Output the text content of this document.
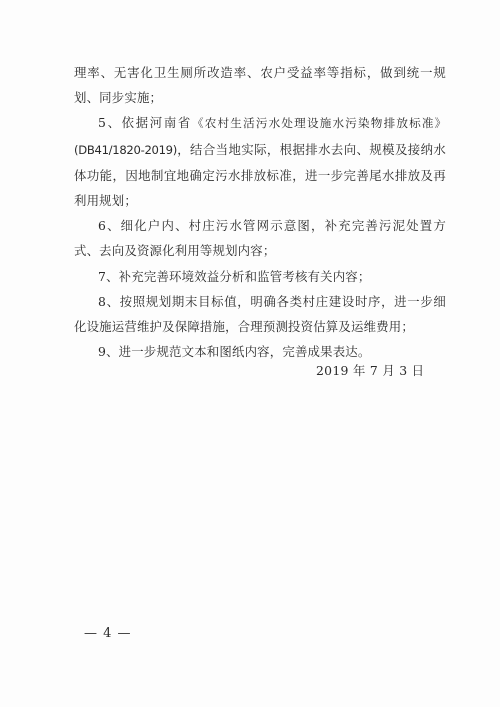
理率、无害化卫生厕所改造率、农户受益率等指标，做到统一规划、同步实施；

5、依据河南省《农村生活污水处理设施水污染物排放标准》(DB41/1820-2019)，结合当地实际，根据排水去向、规模及接纳水体功能，因地制宜地确定污水排放标准，进一步完善尾水排放及再利用规划；

6、细化户内、村庄污水管网示意图，补充完善污泥处置方式、去向及资源化利用等规划内容；

7、补充完善环境效益分析和监管考核有关内容；

8、按照规划期末目标值，明确各类村庄建设时序，进一步细化设施运营维护及保障措施，合理预测投资估算及运维费用；

9、进一步规范文本和图纸内容，完善成果表达。

2019 年 7 月 3 日
— 4 —
